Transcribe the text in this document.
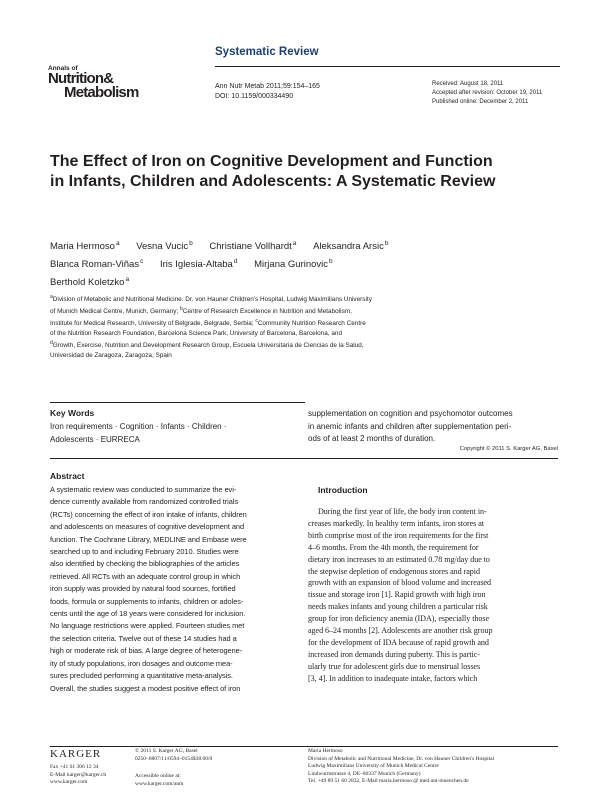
Systematic Review
Annals of
Nutrition&
Metabolism	Ann Nutr Metab 2011;59:154–165
DOI: 10.1159/000334490
Received: August 18, 2011
Accepted after revision: October 19, 2011
Published online: December 2, 2011
The Effect of Iron on Cognitive Development and Function in Infants, Children and Adolescents: A Systematic Review
Maria Hermoso$^a$ Vesna Vucic$^b$ Christiane Vollhardt$^a$ Aleksandra Arsic$^b$
Blanca Roman-Viñas$^c$ Iris Iglesia-Altaba$^d$ Mirjana Gurinovic$^b$
Berthold Koletzko$^a$
$^a$Division of Metabolic and Nutritional Medicine. Dr. von Hauner Children's Hospital, Ludwig Maximilians University
of Munich Medical Centre, Munich, Germany; $^b$Centre of Research Excellence in Nutrition and Metabolism,
Institute for Medical Research, University of Belgrade, Belgrade, Serbia; $^c$Community Nutrition Research Centre
of the Nutrition Research Foundation, Barcelona Science Park, University of Barcelona, Barcelona, and
$^d$Growth, Exercise, Nutrition and Development Research Group, Escuela Universitaria de Ciencias de la Salud,
Universidad de Zaragoza, Zaragoza, Spain
Key Words
Iron requirements · Cognition · Infants · Children ·
Adolescents · EURRECA
supplementation on cognition and psychomotor outcomes
in anemic infants and children after supplementation peri-
ods of at least 2 months of duration.
Copyright © 2011 S. Karger AG, Basel
Abstract
A systematic review was conducted to summarize the evi-
dence currently available from randomized controlled trials
(RCTs) concerning the effect of iron intake of infants, children
and adolescents on measures of cognitive development and
function. The Cochrane Library, MEDLINE and Embase were
searched up to and including February 2010. Studies were
also identified by checking the bibliographies of the articles
retrieved. All RCTs with an adequate control group in which
iron supply was provided by natural food sources, fortified
foods, formula or supplements to infants, children or adoles-
cents until the age of 18 years were considered for inclusion.
No language restrictions were applied. Fourteen studies met
the selection criteria. Twelve out of these 14 studies had a
high or moderate risk of bias. A large degree of heterogene-
ity of study populations, iron dosages and outcome mea-
sures precluded performing a quantitative meta-analysis.
Overall, the studies suggest a modest positive effect of iron
Introduction
During the first year of life, the body iron content in-
creases markedly. In healthy term infants, iron stores at
birth comprise most of the iron requirements for the first
4–6 months. From the 4th month, the requirement for
dietary iron increases to an estimated 0.78 mg/day due to
the stepwise depletion of endogenous stores and rapid
growth with an expansion of blood volume and increased
tissue and storage iron [1]. Rapid growth with high iron
needs makes infants and young children a particular risk
group for iron deficiency anemia (IDA), especially those
aged 6–24 months [2]. Adolescents are another risk group
for the development of IDA because of rapid growth and
increased iron demands during puberty. This is partic-
ularly true for adolescent girls due to menstrual losses
[3, 4]. In addition to inadequate intake, factors which
KARGER
Fax +41 61 306 12 34
E-Mail karger@karger.ch
www.karger.com
© 2011 S. Karger AG, Basel
0250–6807/11/0594–0154$38.00/0
Accessible online at:
www.karger.com/anm
Maria Hermoso
Division of Metabolic and Nutritional Medicine, Dr. von Hauner Children's Hospital
Ludwig Maximilians University of Munich Medical Centre
Lindwurmstrasse 4, DE–80337 Munich (Germany)
Tel. +49 89 51 60 2832, E-Mail maria.hermoso @ med.uni-muenchen.de
